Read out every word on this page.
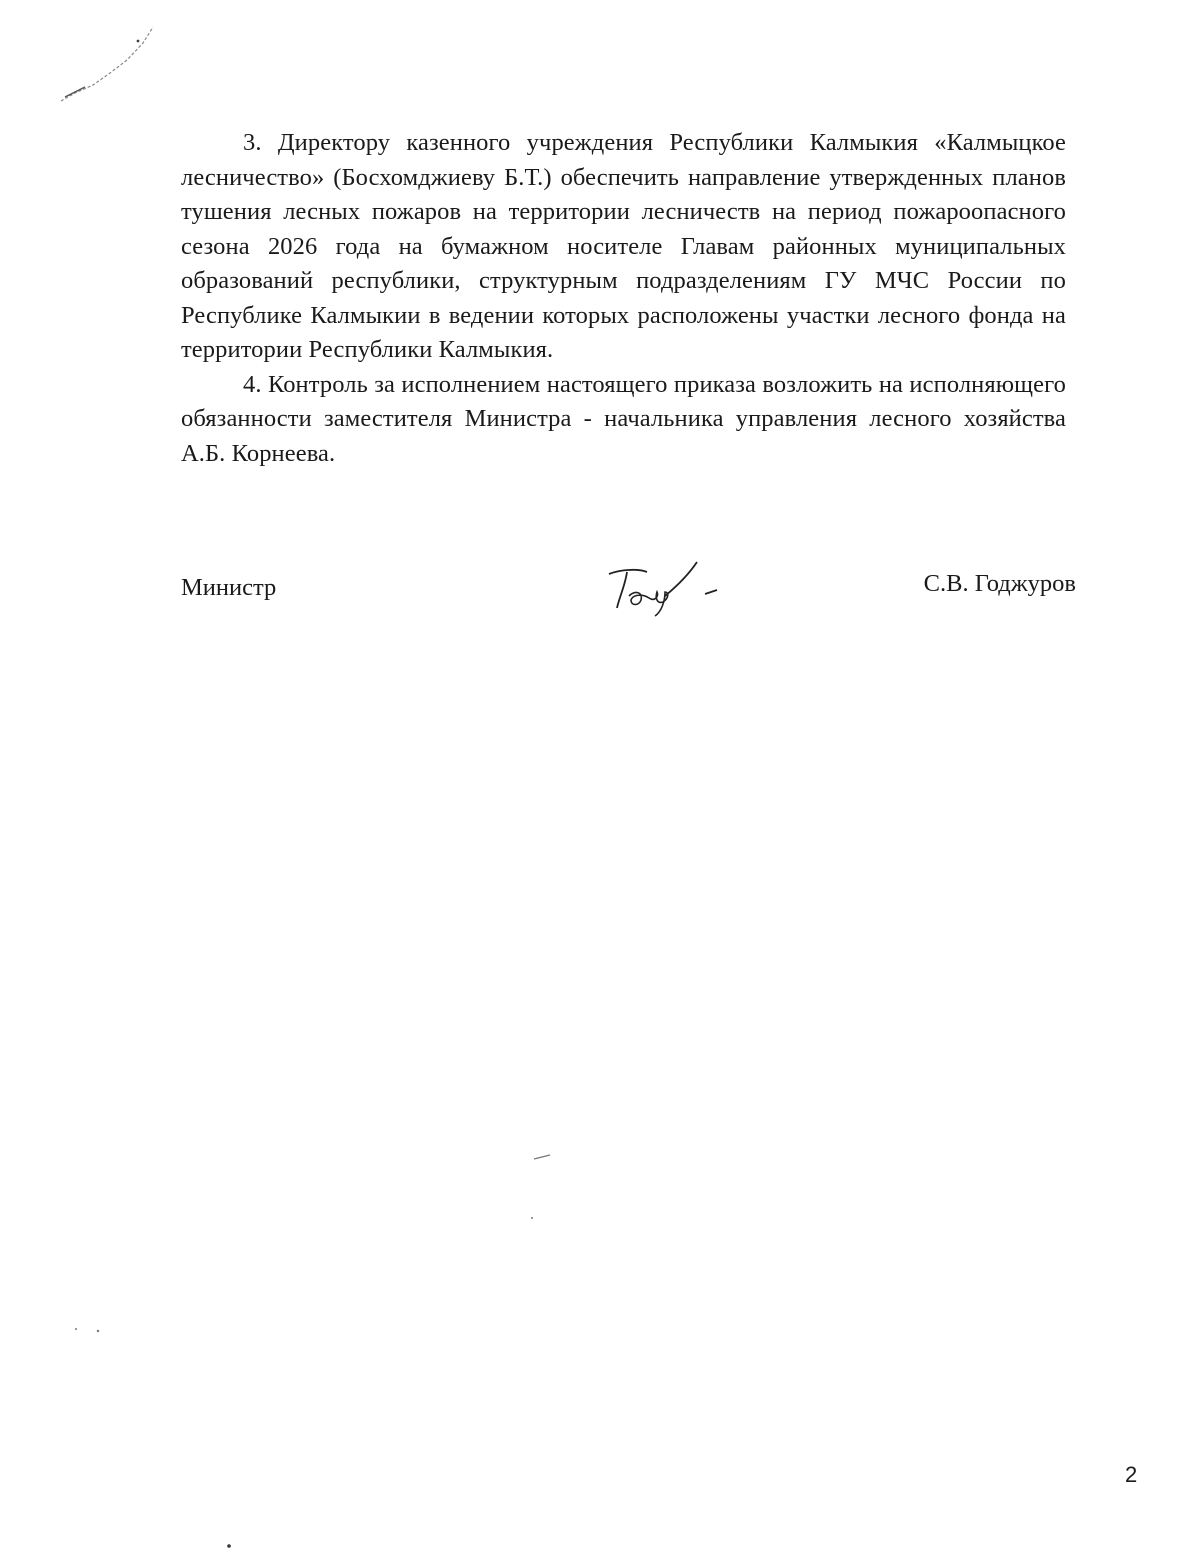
3. Директору казенного учреждения Республики Калмыкия «Калмыцкое лесничество» (Босхомджиеву Б.Т.) обеспечить направление утвержденных планов тушения лесных пожаров на территории лесничеств на период пожароопасного сезона 2026 года на бумажном носителе Главам районных муниципальных образований республики, структурным подразделениям ГУ МЧС России по Республике Калмыкии в ведении которых расположены участки лесного фонда на территории Республики Калмыкия.

4. Контроль за исполнением настоящего приказа возложить на исполняющего обязанности заместителя Министра - начальника управления лесного хозяйства А.Б. Корнеева.

Министр	С.В. Годжуров
2
